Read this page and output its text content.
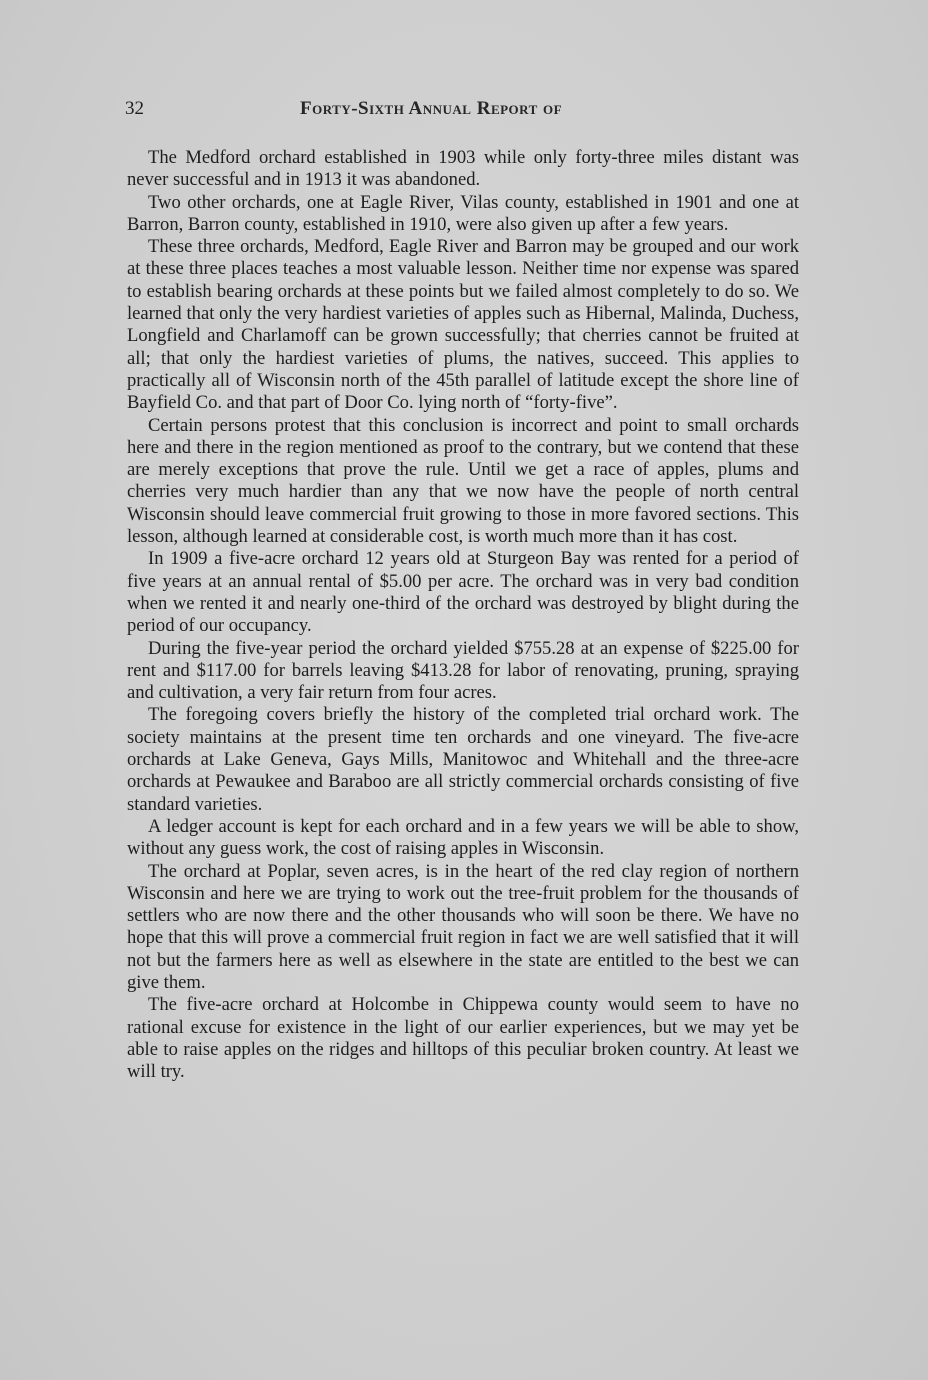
32	Forty-Sixth Annual Report of

The Medford orchard established in 1903 while only forty-three miles distant was never successful and in 1913 it was abandoned.

Two other orchards, one at Eagle River, Vilas county, established in 1901 and one at Barron, Barron county, established in 1910, were also given up after a few years.

These three orchards, Medford, Eagle River and Barron may be grouped and our work at these three places teaches a most valuable lesson. Neither time nor expense was spared to establish bearing orchards at these points but we failed almost completely to do so. We learned that only the very hardiest varieties of apples such as Hibernal, Malinda, Duchess, Longfield and Charlamoff can be grown successfully; that cherries cannot be fruited at all; that only the hardiest varieties of plums, the natives, succeed. This applies to practically all of Wisconsin north of the 45th parallel of latitude except the shore line of Bayfield Co. and that part of Door Co. lying north of “forty-five”.

Certain persons protest that this conclusion is incorrect and point to small orchards here and there in the region mentioned as proof to the contrary, but we contend that these are merely exceptions that prove the rule. Until we get a race of apples, plums and cherries very much hardier than any that we now have the people of north central Wisconsin should leave commercial fruit growing to those in more favored sections. This lesson, although learned at considerable cost, is worth much more than it has cost.

In 1909 a five-acre orchard 12 years old at Sturgeon Bay was rented for a period of five years at an annual rental of $5.00 per acre. The orchard was in very bad condition when we rented it and nearly one-third of the orchard was destroyed by blight during the period of our occupancy.

During the five-year period the orchard yielded $755.28 at an expense of $225.00 for rent and $117.00 for barrels leaving $413.28 for labor of renovating, pruning, spraying and cultivation, a very fair return from four acres.

The foregoing covers briefly the history of the completed trial orchard work. The society maintains at the present time ten orchards and one vineyard. The five-acre orchards at Lake Geneva, Gays Mills, Manitowoc and Whitehall and the three-acre orchards at Pewaukee and Baraboo are all strictly commercial orchards consisting of five standard varieties.

A ledger account is kept for each orchard and in a few years we will be able to show, without any guess work, the cost of raising apples in Wisconsin.

The orchard at Poplar, seven acres, is in the heart of the red clay region of northern Wisconsin and here we are trying to work out the tree-fruit problem for the thousands of settlers who are now there and the other thousands who will soon be there. We have no hope that this will prove a commercial fruit region in fact we are well satisfied that it will not but the farmers here as well as elsewhere in the state are entitled to the best we can give them.

The five-acre orchard at Holcombe in Chippewa county would seem to have no rational excuse for existence in the light of our earlier experiences, but we may yet be able to raise apples on the ridges and hilltops of this peculiar broken country. At least we will try.
